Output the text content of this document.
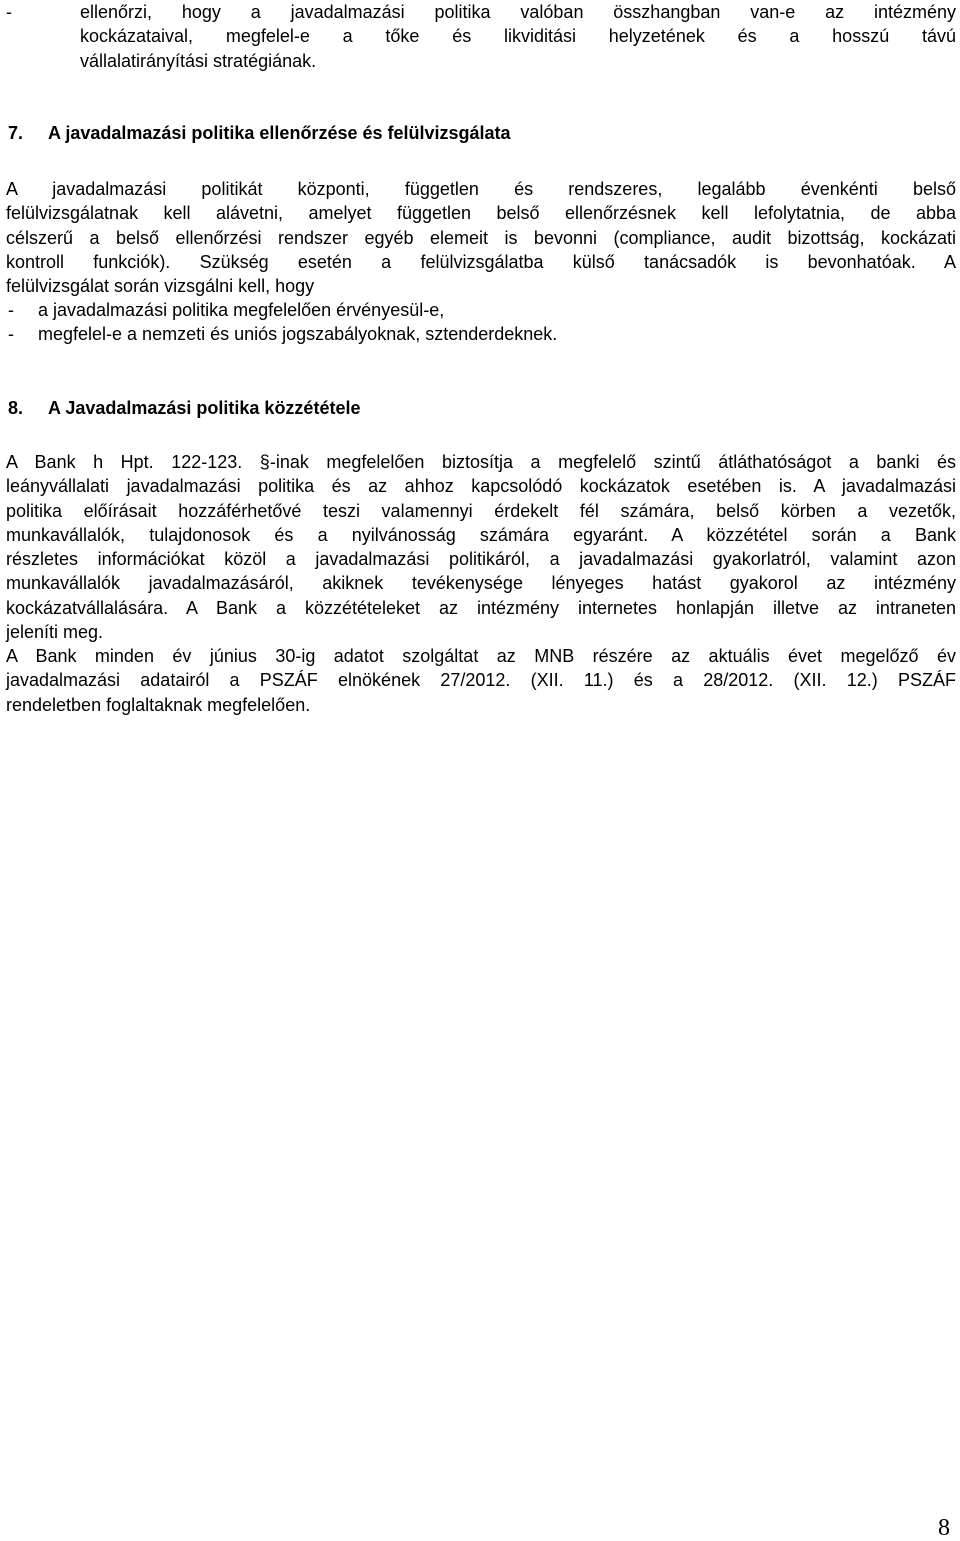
-	ellenőrzi, hogy a javadalmazási politika valóban összhangban van-e az intézmény
kockázataival, megfelel-e a tőke és likviditási helyzetének és a hosszú távú
vállalatirányítási stratégiának.
7. A javadalmazási politika ellenőrzése és felülvizsgálata
A javadalmazási politikát központi, független és rendszeres, legalább évenkénti belső
felülvizsgálatnak kell alávetni, amelyet független belső ellenőrzésnek kell lefolytatnia, de abba
célszerű a belső ellenőrzési rendszer egyéb elemeit is bevonni (compliance, audit bizottság, kockázati
kontroll funkciók). Szükség esetén a felülvizsgálatba külső tanácsadók is bevonhatóak. A
felülvizsgálat során vizsgálni kell, hogy
- a javadalmazási politika megfelelően érvényesül-e,
- megfelel-e a nemzeti és uniós jogszabályoknak, sztenderdeknek.
8. A Javadalmazási politika közzététele
A Bank h Hpt. 122-123. §-inak megfelelően biztosítja a megfelelő szintű átláthatóságot a banki és
leányvállalati javadalmazási politika és az ahhoz kapcsolódó kockázatok esetében is. A javadalmazási
politika előírásait hozzáférhetővé teszi valamennyi érdekelt fél számára, belső körben a vezetők,
munkavállalók, tulajdonosok és a nyilvánosság számára egyaránt. A közzététel során a Bank
részletes információkat közöl a javadalmazási politikáról, a javadalmazási gyakorlatról, valamint azon
munkavállalók javadalmazásáról, akiknek tevékenysége lényeges hatást gyakorol az intézmény
kockázatvállalására. A Bank a közzétételeket az intézmény internetes honlapján illetve az intraneten
jeleníti meg.
A Bank minden év június 30-ig adatot szolgáltat az MNB részére az aktuális évet megelőző év
javadalmazási adatairól a PSZÁF elnökének 27/2012. (XII. 11.) és a 28/2012. (XII. 12.) PSZÁF
rendeletben foglaltaknak megfelelően.
8
